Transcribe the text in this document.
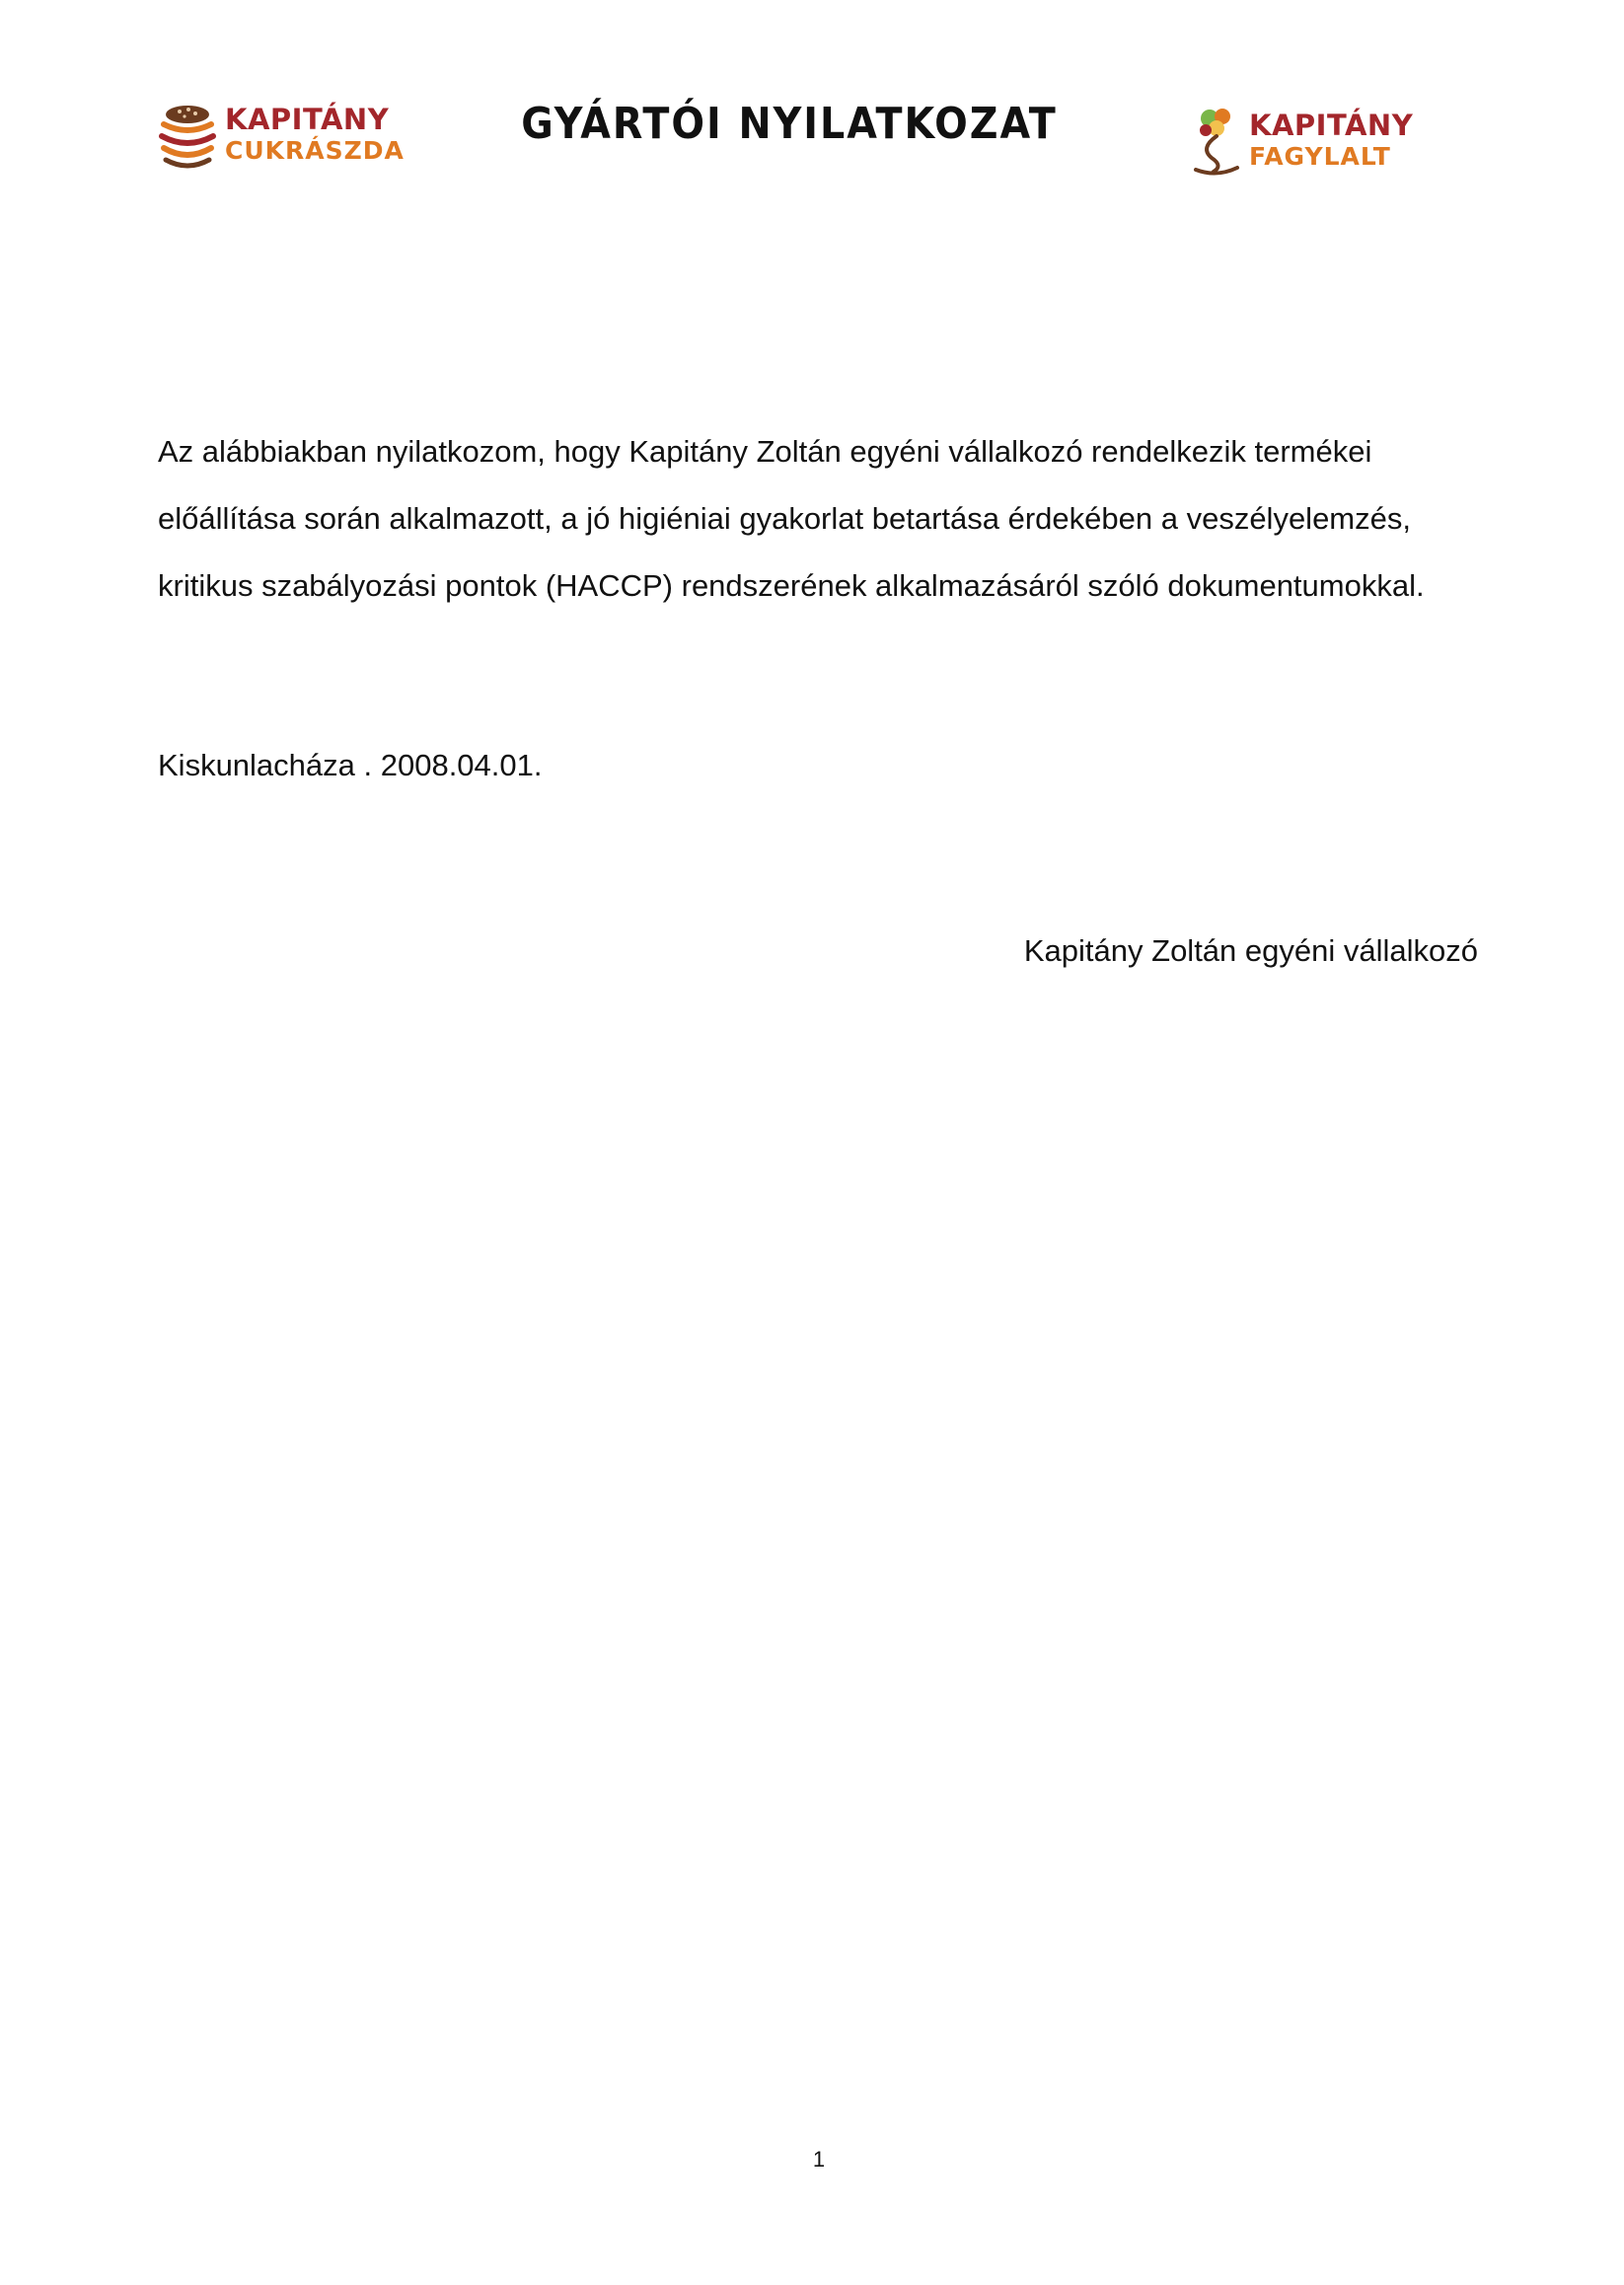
KAPITÁNY
CUKRÁSZDA
GYÁRTÓI NYILATKOZAT	KAPITÁNY
FAGYLALT

Az alábbiakban nyilatkozom, hogy Kapitány Zoltán egyéni vállalkozó rendelkezik termékei előállítása során alkalmazott, a jó higiéniai gyakorlat betartása érdekében a veszélyelemzés, kritikus szabályozási pontok (HACCP) rendszerének alkalmazásáról szóló dokumentumokkal.

Kiskunlacháza . 2008.04.01.

Kapitány Zoltán egyéni vállalkozó

1
